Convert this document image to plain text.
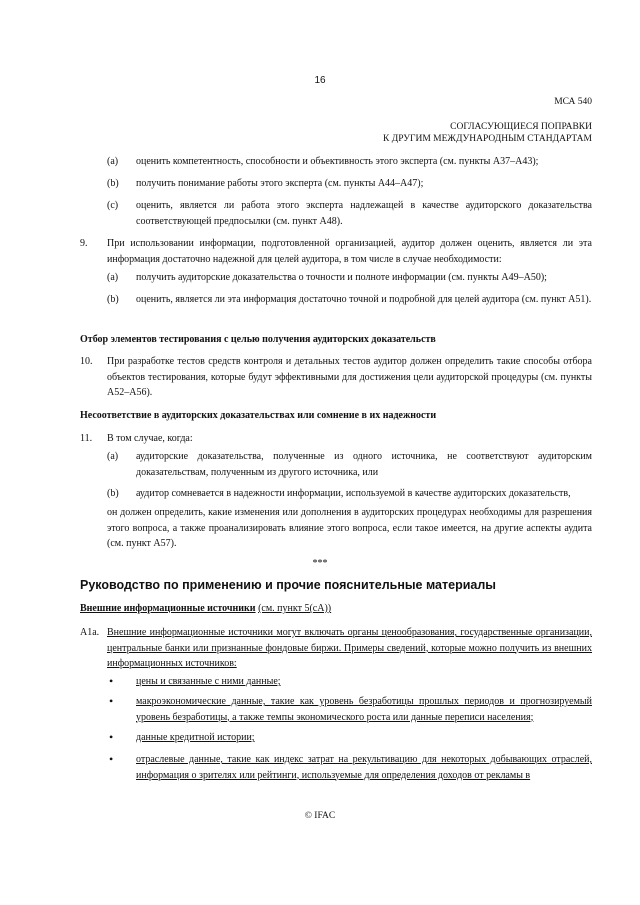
16
МСА 540
СОГЛАСУЮЩИЕСЯ ПОПРАВКИ
К ДРУГИМ МЕЖДУНАРОДНЫМ СТАНДАРТАМ
(a) оценить компетентность, способности и объективность этого эксперта (см. пункты А37–А43);
(b) получить понимание работы этого эксперта (см. пункты А44–А47);
(c) оценить, является ли работа этого эксперта надлежащей в качестве аудиторского доказательства соответствующей предпосылки (см. пункт А48).
9. При использовании информации, подготовленной организацией, аудитор должен оценить, является ли эта информация достаточно надежной для целей аудитора, в том числе в случае необходимости:
(a) получить аудиторские доказательства о точности и полноте информации (см. пункты А49–А50);
(b) оценить, является ли эта информация достаточно точной и подробной для целей аудитора (см. пункт А51).
Отбор элементов тестирования с целью получения аудиторских доказательств
10. При разработке тестов средств контроля и детальных тестов аудитор должен определить такие способы отбора объектов тестирования, которые будут эффективными для достижения цели аудиторской процедуры (см. пункты А52–А56).
Несоответствие в аудиторских доказательствах или сомнение в их надежности
11. В том случае, когда:
(a) аудиторские доказательства, полученные из одного источника, не соответствуют аудиторским доказательствам, полученным из другого источника, или
(b) аудитор сомневается в надежности информации, используемой в качестве аудиторских доказательств,
он должен определить, какие изменения или дополнения в аудиторских процедурах необходимы для разрешения этого вопроса, а также проанализировать влияние этого вопроса, если такое имеется, на другие аспекты аудита (см. пункт А57).
***
Руководство по применению и прочие пояснительные материалы
Внешние информационные источники (см. пункт 5(сА))
А1а. Внешние информационные источники могут включать органы ценообразования, государственные организации, центральные банки или признанные фондовые биржи. Примеры сведений, которые можно получить из внешних информационных источников:
• цены и связанные с ними данные;
• макроэкономические данные, такие как уровень безработицы прошлых периодов и прогнозируемый уровень безработицы, а также темпы экономического роста или данные переписи населения;
• данные кредитной истории;
• отраслевые данные, такие как индекс затрат на рекультивацию для некоторых добывающих отраслей, информация о зрителях или рейтинги, используемые для определения доходов от рекламы в
© IFAC
